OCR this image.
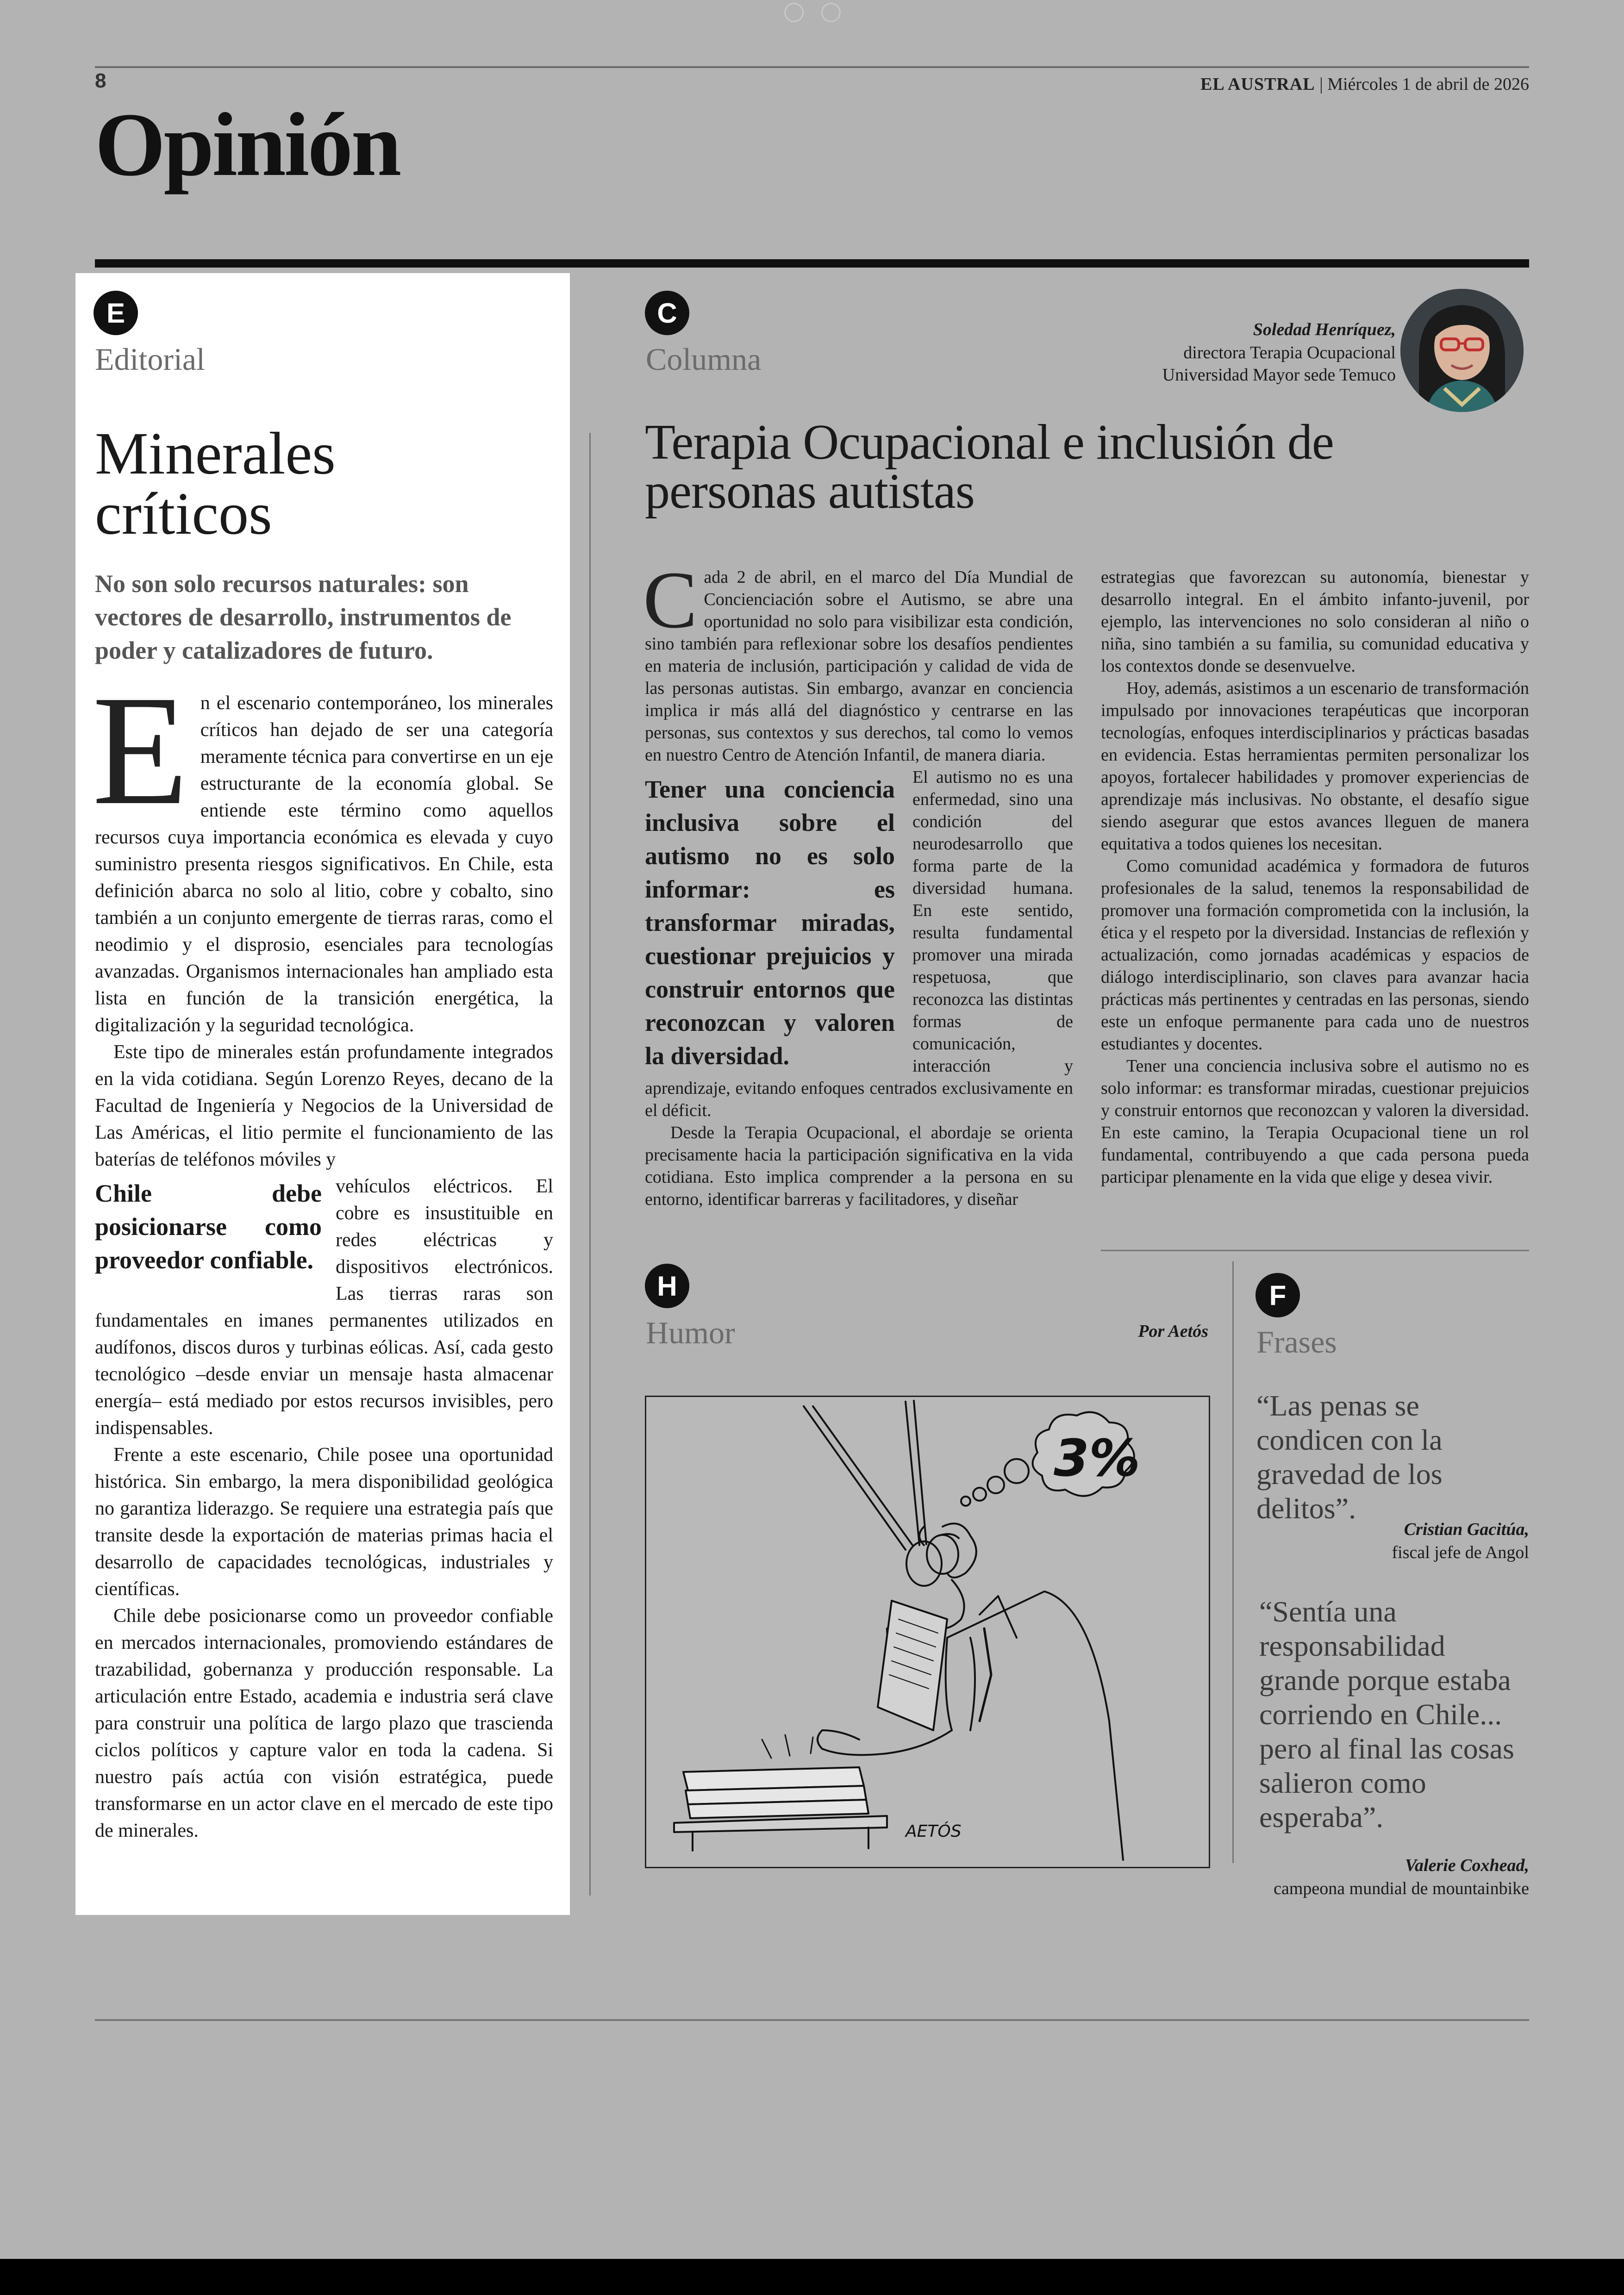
8	EL AUSTRAL | Miércoles 1 de abril de 2026
Opinión
E
Editorial
Minerales
críticos
No son solo recursos naturales: son vectores de desarrollo, instrumentos de poder y catalizadores de futuro.

En el escenario contemporáneo, los minerales críticos han dejado de ser una categoría meramente técnica para convertirse en un eje estructurante de la economía global. Se entiende este término como aquellos recursos cuya importancia económica es elevada y cuyo suministro presenta riesgos significativos. En Chile, esta definición abarca no solo al litio, cobre y cobalto, sino también a un conjunto emergente de tierras raras, como el neodimio y el disprosio, esenciales para tecnologías avanzadas. Organismos internacionales han ampliado esta lista en función de la transición energética, la digitalización y la seguridad tecnológica.

Este tipo de minerales están profundamente integrados en la vida cotidiana. Según Lorenzo Reyes, decano de la Facultad de Ingeniería y Negocios de la Universidad de Las Américas, el litio permite el funcionamiento de las baterías de teléfonos móviles y

Chile debe posicionarse como proveedor confiable.
vehículos eléctricos. El cobre es insustituible en redes eléctricas y dispositivos electrónicos. Las tierras raras son fundamentales en imanes permanentes utilizados en audífonos, discos duros y turbinas eólicas. Así, cada gesto tecnológico –desde enviar un mensaje hasta almacenar energía– está mediado por estos recursos invisibles, pero indispensables.

Frente a este escenario, Chile posee una oportunidad histórica. Sin embargo, la mera disponibilidad geológica no garantiza liderazgo. Se requiere una estrategia país que transite desde la exportación de materias primas hacia el desarrollo de capacidades tecnológicas, industriales y científicas.

Chile debe posicionarse como un proveedor confiable en mercados internacionales, promoviendo estándares de trazabilidad, gobernanza y producción responsable. La articulación entre Estado, academia e industria será clave para construir una política de largo plazo que trascienda ciclos políticos y capture valor en toda la cadena. Si nuestro país actúa con visión estratégica, puede transformarse en un actor clave en el mercado de este tipo de minerales.

C
Columna
Soledad Henríquez,
directora Terapia Ocupacional
Universidad Mayor sede Temuco
Terapia Ocupacional e inclusión de personas autistas

Cada 2 de abril, en el marco del Día Mundial de Concienciación sobre el Autismo, se abre una oportunidad no solo para visibilizar esta condición, sino también para reflexionar sobre los desafíos pendientes en materia de inclusión, participación y calidad de vida de las personas autistas. Sin embargo, avanzar en conciencia implica ir más allá del diagnóstico y centrarse en las personas, sus contextos y sus derechos, tal como lo vemos en nuestro Centro de Atención Infantil, de manera diaria.

Tener una conciencia inclusiva sobre el autismo no es solo informar: es transformar miradas, cuestionar prejuicios y construir entornos que reconozcan y valoren la diversidad.
El autismo no es una enfermedad, sino una condición del neurodesarrollo que forma parte de la diversidad humana. En este sentido, resulta fundamental promover una mirada respetuosa, que reconozca las distintas formas de comunicación, interacción y aprendizaje, evitando enfoques centrados exclusivamente en el déficit.

Desde la Terapia Ocupacional, el abordaje se orienta precisamente hacia la participación significativa en la vida cotidiana. Esto implica comprender a la persona en su entorno, identificar barreras y facilitadores, y diseñar

estrategias que favorezcan su autonomía, bienestar y desarrollo integral. En el ámbito infanto-juvenil, por ejemplo, las intervenciones no solo consideran al niño o niña, sino también a su familia, su comunidad educativa y los contextos donde se desenvuelve.

Hoy, además, asistimos a un escenario de transformación impulsado por innovaciones terapéuticas que incorporan tecnologías, enfoques interdisciplinarios y prácticas basadas en evidencia. Estas herramientas permiten personalizar los apoyos, fortalecer habilidades y promover experiencias de aprendizaje más inclusivas. No obstante, el desafío sigue siendo asegurar que estos avances lleguen de manera equitativa a todos quienes los necesitan.

Como comunidad académica y formadora de futuros profesionales de la salud, tenemos la responsabilidad de promover una formación comprometida con la inclusión, la ética y el respeto por la diversidad. Instancias de reflexión y actualización, como jornadas académicas y espacios de diálogo interdisciplinario, son claves para avanzar hacia prácticas más pertinentes y centradas en las personas, siendo este un enfoque permanente para cada uno de nuestros estudiantes y docentes.

Tener una conciencia inclusiva sobre el autismo no es solo informar: es transformar miradas, cuestionar prejuicios y construir entornos que reconozcan y valoren la diversidad. En este camino, la Terapia Ocupacional tiene un rol fundamental, contribuyendo a que cada persona pueda participar plenamente en la vida que elige y desea vivir.

H
Humor	Por Aetós
3%
AETÓS
F
Frases
“Las penas se condicen con la gravedad de los delitos”.
Cristian Gacitúa,
fiscal jefe de Angol
“Sentía una responsabilidad grande porque estaba corriendo en Chile... pero al final las cosas salieron como esperaba”.
Valerie Coxhead,
campeona mundial de mountainbike
